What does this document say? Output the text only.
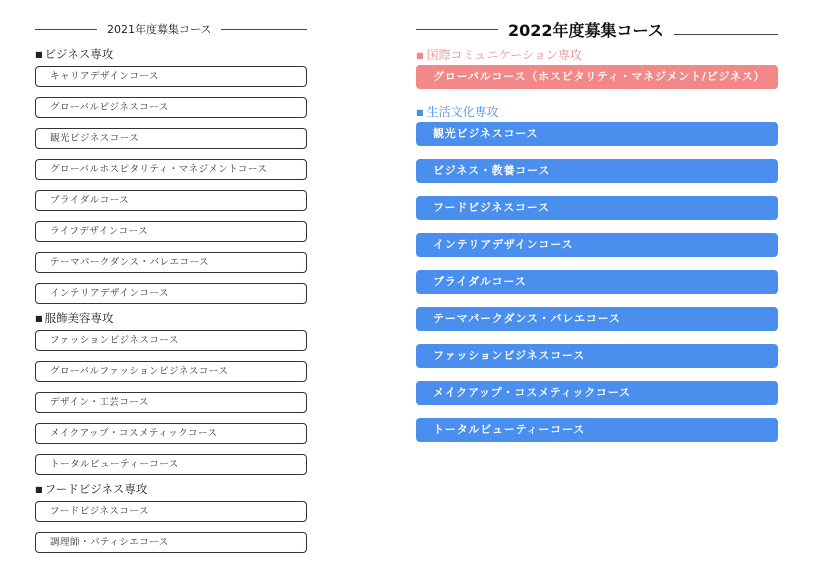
2021年度募集コース
■ ビジネス専攻
キャリアデザインコース
グローバルビジネスコース
観光ビジネスコース
グローバルホスピタリティ・マネジメントコース
ブライダルコース
ライフデザインコース
テーマパークダンス・バレエコース
インテリアデザインコース
■ 服飾美容専攻
ファッションビジネスコース
グローバルファッションビジネスコース
デザイン・工芸コース
メイクアップ・コスメティックコース
トータルビューティーコース
■ フードビジネス専攻
フードビジネスコース
調理師・パティシエコース
2022年度募集コース
■ 国際コミュニケーション専攻
グローバルコース（ホスピタリティ・マネジメント/ビジネス）
■ 生活文化専攻
観光ビジネスコース
ビジネス・教養コース
フードビジネスコース
インテリアデザインコース
ブライダルコース
テーマパークダンス・バレエコース
ファッションビジネスコース
メイクアップ・コスメティックコース
トータルビューティーコース
